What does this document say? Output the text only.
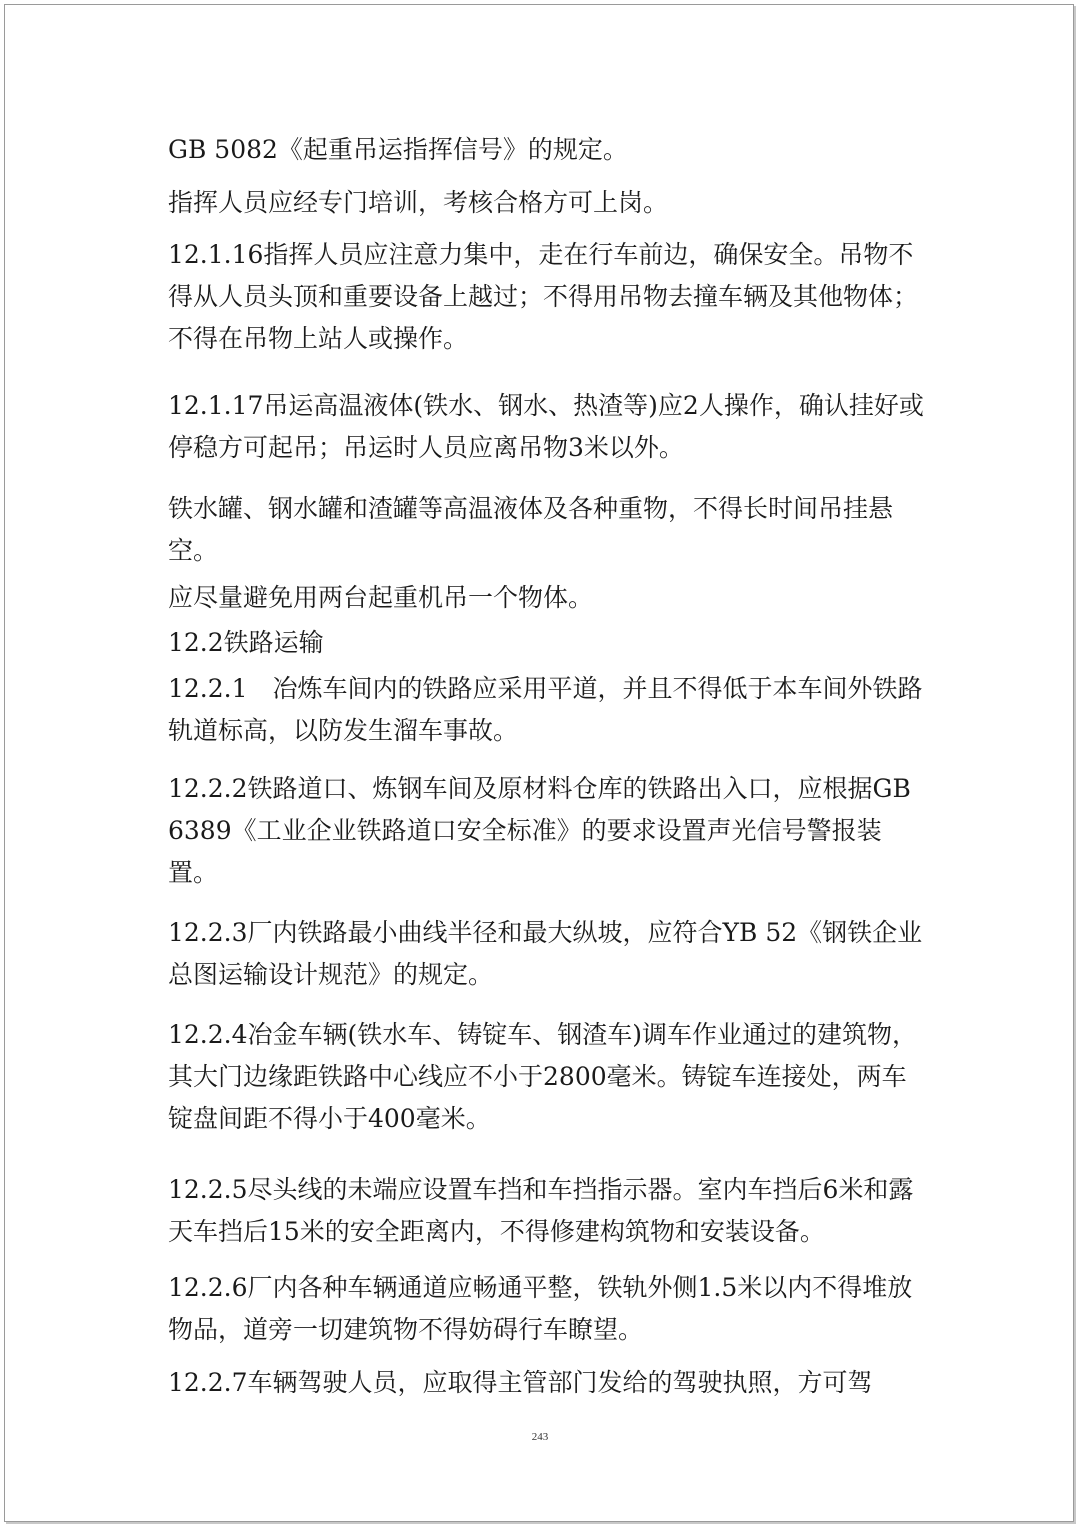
GB 5082《起重吊运指挥信号》的规定。

指挥人员应经专门培训，考核合格方可上岗。

12.1.16指挥人员应注意力集中，走在行车前边，确保安全。吊物不得从人员头顶和重要设备上越过；不得用吊物去撞车辆及其他物体；不得在吊物上站人或操作。

12.1.17吊运高温液体(铁水、钢水、热渣等)应2人操作，确认挂好或停稳方可起吊；吊运时人员应离吊物3米以外。

铁水罐、钢水罐和渣罐等高温液体及各种重物，不得长时间吊挂悬空。

应尽量避免用两台起重机吊一个物体。

12.2铁路运输

12.2.1　冶炼车间内的铁路应采用平道，并且不得低于本车间外铁路轨道标高，以防发生溜车事故。

12.2.2铁路道口、炼钢车间及原材料仓库的铁路出入口，应根据GB 6389《工业企业铁路道口安全标准》的要求设置声光信号警报装置。

12.2.3厂内铁路最小曲线半径和最大纵坡，应符合YB 52《钢铁企业总图运输设计规范》的规定。

12.2.4冶金车辆(铁水车、铸锭车、钢渣车)调车作业通过的建筑物，其大门边缘距铁路中心线应不小于2800毫米。铸锭车连接处，两车锭盘间距不得小于400毫米。

12.2.5尽头线的未端应设置车挡和车挡指示器。室内车挡后6米和露天车挡后15米的安全距离内，不得修建构筑物和安装设备。

12.2.6厂内各种车辆通道应畅通平整，铁轨外侧1.5米以内不得堆放物品，道旁一切建筑物不得妨碍行车瞭望。

12.2.7车辆驾驶人员，应取得主管部门发给的驾驶执照，方可驾

243
